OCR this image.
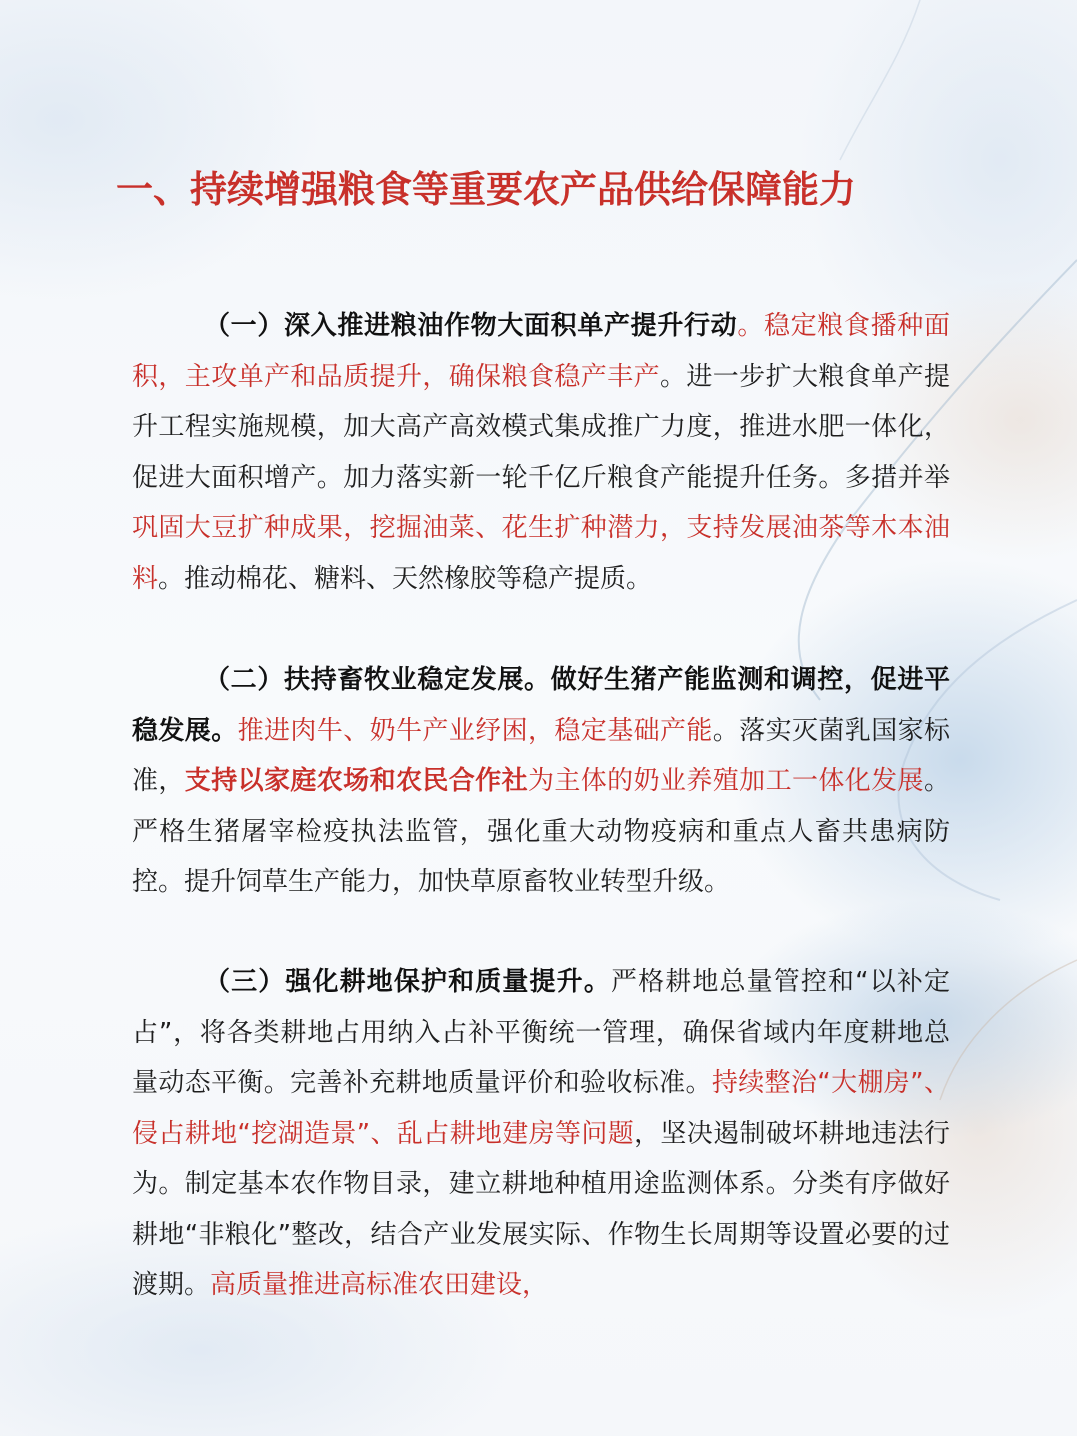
一、持续增强粮食等重要农产品供给保障能力

（一）深入推进粮油作物大面积单产提升行动。稳定粮食播种面积，主攻单产和品质提升，确保粮食稳产丰产。进一步扩大粮食单产提升工程实施规模，加大高产高效模式集成推广力度，推进水肥一体化，促进大面积增产。加力落实新一轮千亿斤粮食产能提升任务。多措并举巩固大豆扩种成果，挖掘油菜、花生扩种潜力，支持发展油茶等木本油料。推动棉花、糖料、天然橡胶等稳产提质。

（二）扶持畜牧业稳定发展。做好生猪产能监测和调控，促进平稳发展。推进肉牛、奶牛产业纾困，稳定基础产能。落实灭菌乳国家标准，支持以家庭农场和农民合作社为主体的奶业养殖加工一体化发展。严格生猪屠宰检疫执法监管，强化重大动物疫病和重点人畜共患病防控。提升饲草生产能力，加快草原畜牧业转型升级。

（三）强化耕地保护和质量提升。严格耕地总量管控和“以补定占”，将各类耕地占用纳入占补平衡统一管理，确保省域内年度耕地总量动态平衡。完善补充耕地质量评价和验收标准。持续整治“大棚房”、侵占耕地“挖湖造景”、乱占耕地建房等问题，坚决遏制破坏耕地违法行为。制定基本农作物目录，建立耕地种植用途监测体系。分类有序做好耕地“非粮化”整改，结合产业发展实际、作物生长周期等设置必要的过渡期。高质量推进高标准农田建设，
